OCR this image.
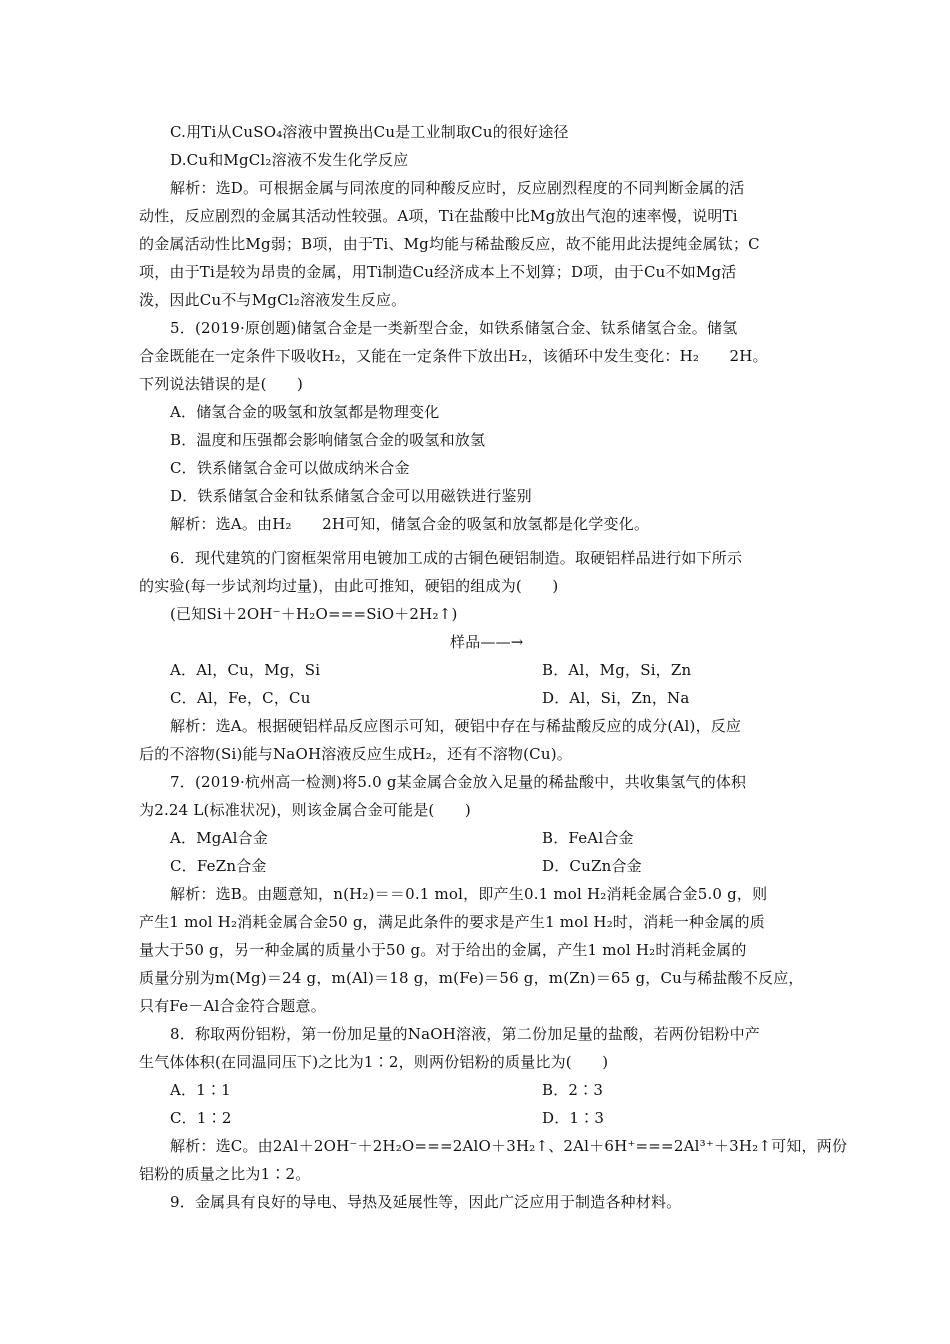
C.用Ti从CuSO₄溶液中置换出Cu是工业制取Cu的很好途径
D.Cu和MgCl₂溶液不发生化学反应
解析：选D。可根据金属与同浓度的同种酸反应时，反应剧烈程度的不同判断金属的活
动性，反应剧烈的金属其活动性较强。A项，Ti在盐酸中比Mg放出气泡的速率慢，说明Ti
的金属活动性比Mg弱；B项，由于Ti、Mg均能与稀盐酸反应，故不能用此法提纯金属钛；C
项，由于Ti是较为昂贵的金属，用Ti制造Cu经济成本上不划算；D项，由于Cu不如Mg活
泼，因此Cu不与MgCl₂溶液发生反应。
5．(2019·原创题)储氢合金是一类新型合金，如铁系储氢合金、钛系储氢合金。储氢
合金既能在一定条件下吸收H₂，又能在一定条件下放出H₂，该循环中发生变化：H₂　　2H。
下列说法错误的是(　　)
A．储氢合金的吸氢和放氢都是物理变化
B．温度和压强都会影响储氢合金的吸氢和放氢
C．铁系储氢合金可以做成纳米合金
D．铁系储氢合金和钛系储氢合金可以用磁铁进行鉴别
解析：选A。由H₂　　2H可知，储氢合金的吸氢和放氢都是化学变化。
6．现代建筑的门窗框架常用电镀加工成的古铜色硬铝制造。取硬铝样品进行如下所示
的实验(每一步试剂均过量)，由此可推知，硬铝的组成为(　　)
(已知Si＋2OH⁻＋H₂O===SiO＋2H₂↑)
样品——→
A．Al，Cu，Mg，Si	B．Al，Mg，Si，Zn
C．Al，Fe，C，Cu	D．Al，Si，Zn，Na
解析：选A。根据硬铝样品反应图示可知，硬铝中存在与稀盐酸反应的成分(Al)，反应
后的不溶物(Si)能与NaOH溶液反应生成H₂，还有不溶物(Cu)。
7．(2019·杭州高一检测)将5.0 g某金属合金放入足量的稀盐酸中，共收集氢气的体积
为2.24 L(标准状况)，则该金属合金可能是(　　)
A．MgAl合金	B．FeAl合金
C．FeZn合金	D．CuZn合金
解析：选B。由题意知，n(H₂)＝＝0.1 mol，即产生0.1 mol H₂消耗金属合金5.0 g，则
产生1 mol H₂消耗金属合金50 g，满足此条件的要求是产生1 mol H₂时，消耗一种金属的质
量大于50 g，另一种金属的质量小于50 g。对于给出的金属，产生1 mol H₂时消耗金属的
质量分别为m(Mg)＝24 g，m(Al)＝18 g，m(Fe)＝56 g，m(Zn)＝65 g，Cu与稀盐酸不反应，
只有Fe－Al合金符合题意。
8．称取两份铝粉，第一份加足量的NaOH溶液，第二份加足量的盐酸，若两份铝粉中产
生气体体积(在同温同压下)之比为1∶2，则两份铝粉的质量比为(　　)
A．1∶1	B．2∶3
C．1∶2	D．1∶3
解析：选C。由2Al＋2OH⁻＋2H₂O===2AlO＋3H₂↑、2Al＋6H⁺===2Al³⁺＋3H₂↑可知，两份
铝粉的质量之比为1∶2。
9．金属具有良好的导电、导热及延展性等，因此广泛应用于制造各种材料。
